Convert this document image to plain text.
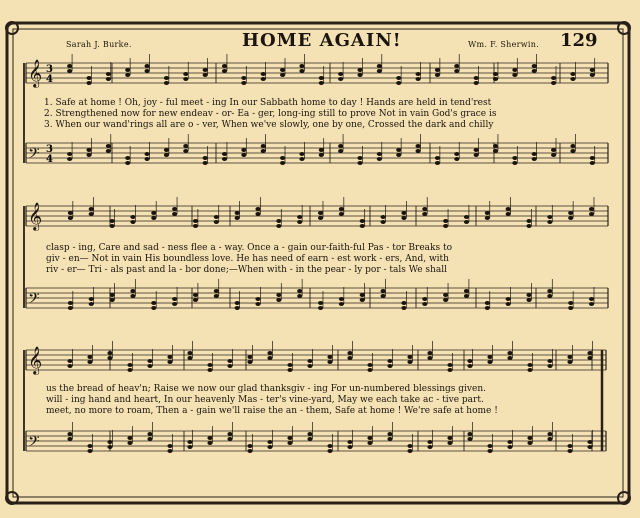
Sarah J. Burke.	HOME AGAIN!	Wm. F. Sherwin. 129
𝄞
𝄢
3
4
3
4
𝄞
𝄢
𝄞
𝄢
1. Safe at home ! Oh, joy - ful meet - ing In our Sabbath home to day ! Hands are held in tend'rest
2. Strengthened now for new endeav - or- Ea - ger, long-ing still to prove Not in vain God's grace is
3. When our wand'rings all are o - ver, When we've slowly, one by one, Crossed the dark and chilly
clasp - ing, Care and sad - ness flee a - way. Once a - gain our-faith-ful Pas - tor Breaks to
giv - en— Not in vain His boundless love. He has need of earn - est work - ers, And, with
riv - er— Tri - als past and la - bor done;—When with - in the pear - ly por - tals We shall
us the bread of heav'n; Raise we now our glad thanksgiv - ing For un-numbered blessings given.
will - ing hand and heart, In our heavenly Mas - ter's vine-yard, May we each take ac - tive part.
meet, no more to roam, Then a - gain we'll raise the an - them, Safe at home ! We're safe at home !
